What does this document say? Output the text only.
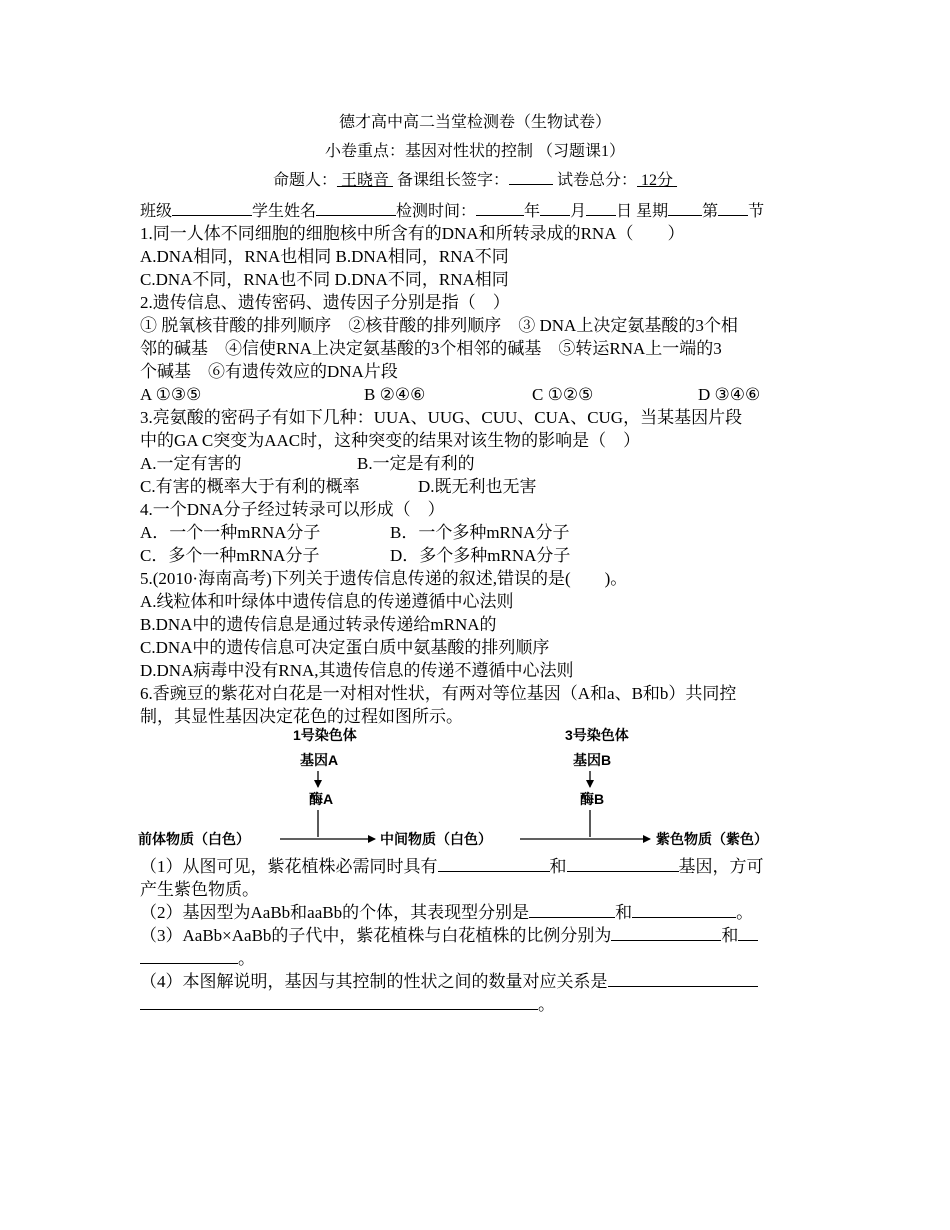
德才高中高二当堂检测卷（生物试卷）
小卷重点：基因对性状的控制 （习题课1）
命题人： 王晓音 备课组长签字：	试卷总分： 12分
班级	学生姓名	检测时间：	年 月 日 星期 第 节
1.同一人体不同细胞的细胞核中所含有的DNA和所转录成的RNA（　　）
A.DNA相同，RNA也相同 B.DNA相同，RNA不同
C.DNA不同，RNA也不同 D.DNA不同，RNA相同
2.遗传信息、遗传密码、遗传因子分别是指（　）
① 脱氧核苷酸的排列顺序　②核苷酸的排列顺序　③ DNA上决定氨基酸的3个相
邻的碱基　④信使RNA上决定氨基酸的3个相邻的碱基　⑤转运RNA上一端的3
个碱基　⑥有遗传效应的DNA片段
A ①③⑤	B ②④⑥	C ①②⑤	D ③④⑥
3.亮氨酸的密码子有如下几种：UUA、UUG、CUU、CUA、CUG，当某基因片段
中的GA C突变为AAC时，这种突变的结果对该生物的影响是（　）
A.一定有害的	B.一定是有利的
C.有害的概率大于有利的概率	D.既无利也无害
4.一个DNA分子经过转录可以形成（　）
A．一个一种mRNA分子	B．一个多种mRNA分子
C．多个一种mRNA分子	D．多个多种mRNA分子
5.(2010·海南高考)下列关于遗传信息传递的叙述,错误的是(　　)。
A.线粒体和叶绿体中遗传信息的传递遵循中心法则
B.DNA中的遗传信息是通过转录传递给mRNA的
C.DNA中的遗传信息可决定蛋白质中氨基酸的排列顺序
D.DNA病毒中没有RNA,其遗传信息的传递不遵循中心法则
6.香豌豆的紫花对白花是一对相对性状，有两对等位基因（A和a、B和b）共同控
制，其显性基因决定花色的过程如图所示。
1号染色体	3号染色体
基因A	基因B
酶A	酶B
前体物质（白色）	中间物质（白色）	紫色物质（紫色）
（1）从图可见，紫花植株必需同时具有	和	基因，方可
产生紫色物质。
（2）基因型为AaBb和aaBb的个体，其表现型分别是	和	。
（3）AaBb×AaBb的子代中，紫花植株与白花植株的比例分别为	和
。
（4）本图解说明，基因与其控制的性状之间的数量对应关系是
。
